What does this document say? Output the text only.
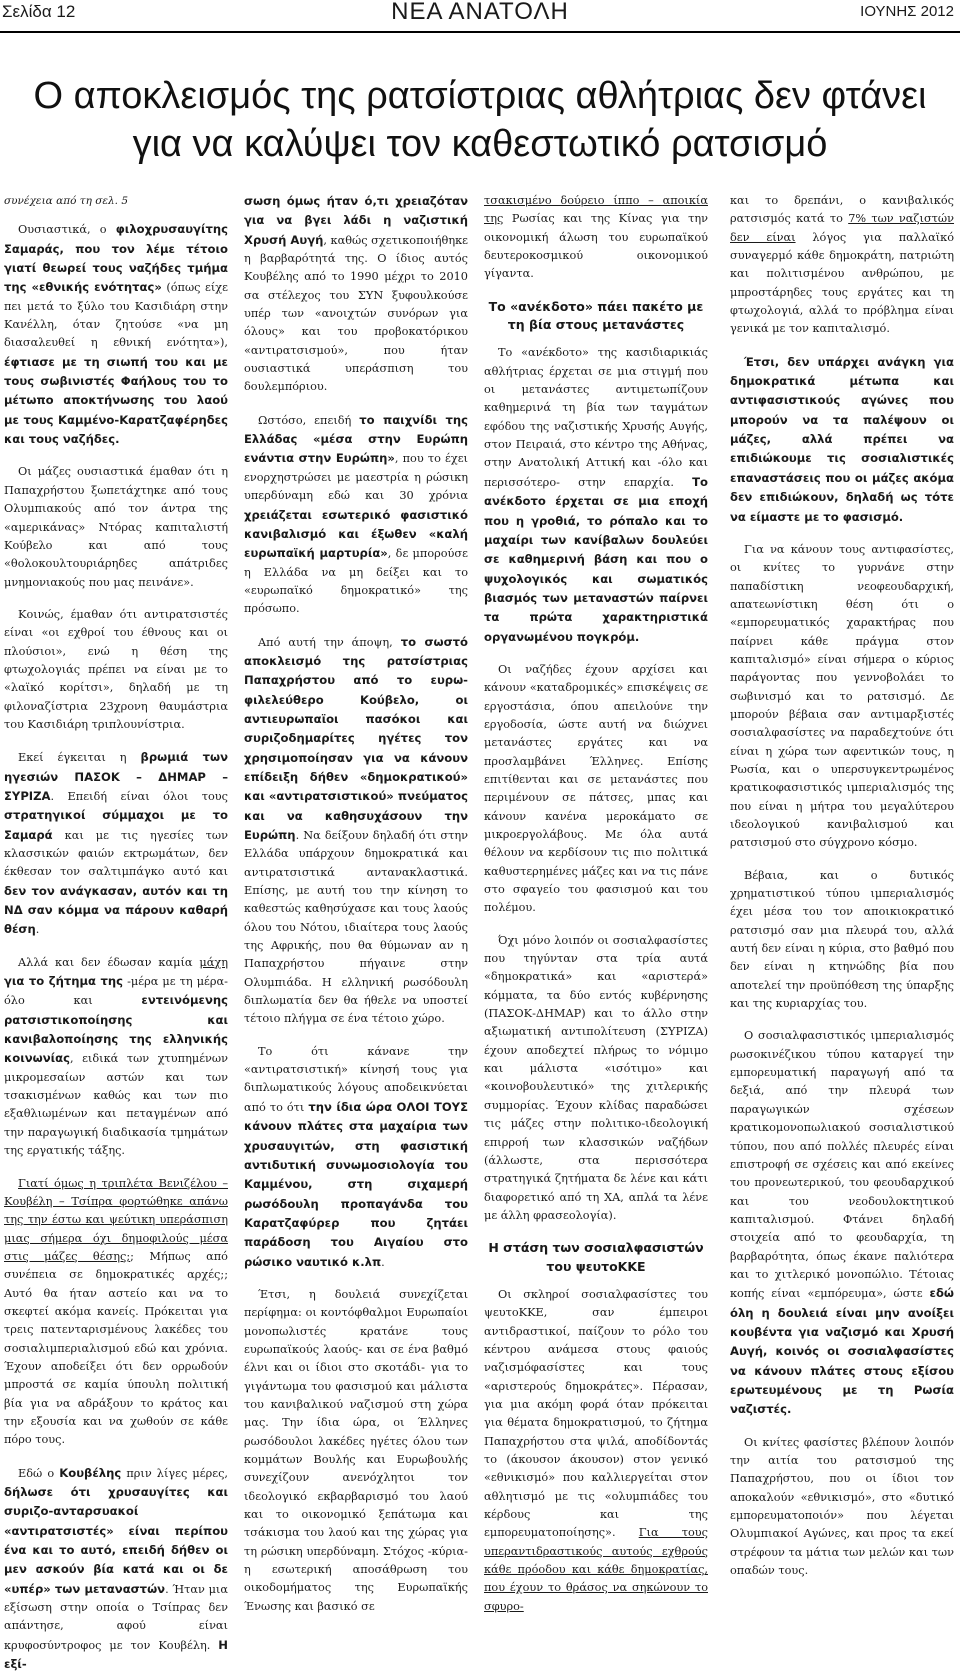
Σελίδα 12	ΝΕΑ ΑΝΑΤΟΛΗ	ΙΟΥΝΗΣ 2012
Ο αποκλεισμός της ρατσίστριας αθλήτριας δεν φτάνει για να καλύψει τον καθεστωτικό ρατσισμό

συνέχεια από τη σελ. 5

Ουσιαστικά, ο φιλοχρυσαυγίτης Σαμαράς, που τον λέμε τέτοιο γιατί θεωρεί τους ναζήδες τμήμα της «εθνικής ενότητας» (όπως είχε πει μετά το ξύλο του Κασιδιάρη στην Κανέλλη, όταν ζητούσε «να μη διασαλευθεί η εθνική ενότητα»), έφτιασε με τη σιωπή του και με τους σωβινιστές Φαήλους του το μέτωπο αποκτήνωσης του λαού με τους Καμμένο-Καρατζαφέρηδες και τους ναζήδες.

Οι μάζες ουσιαστικά έμαθαν ότι η Παπαχρήστου ξωπετάχτηκε από τους Ολυμπιακούς από τον άντρα της «αμερικάνας» Ντόρας καπιταλιστή Κούβελο και από τους «θολοκουλτουριάρηδες απάτριδες μνημονιακούς που μας πεινάνε».

Κοινώς, έμαθαν ότι αντιρατσιστές είναι «οι εχθροί του έθνους και οι πλούσιοι», ενώ η θέση της φτωχολογιάς πρέπει να είναι με το «λαϊκό κορίτσι», δηλαδή με τη φιλοναζίστρια 23χρονη θαυμάστρια του Κασιδιάρη τριπλουνίστρια.

Εκεί έγκειται η βρωμιά των ηγεσιών ΠΑΣΟΚ – ΔΗΜΑΡ – ΣΥΡΙΖΑ. Επειδή είναι όλοι τους στρατηγικοί σύμμαχοι με το Σαμαρά και με τις ηγεσίες των κλασσικών φαιών εκτρωμάτων, δεν έκθεσαν τον σαλτιμπάγκο αυτό και δεν τον ανάγκασαν, αυτόν και τη ΝΔ σαν κόμμα να πάρουν καθαρή θέση.

Αλλά και δεν έδωσαν καμία μάχη για το ζήτημα της -μέρα με τη μέρα- όλο και εντεινόμενης ρατσιστικοποίησης και κανιβαλοποίησης της ελληνικής κοινωνίας, ειδικά των χτυπημένων μικρομεσαίων αστών και των τσακισμένων καθώς και των πιο εξαθλιωμένων και πεταγμένων από την παραγωγική διαδικασία τμημάτων της εργατικής τάξης.

Γιατί όμως η τριπλέτα Βενιζέλου – Κουβέλη – Τσίπρα φορτώθηκε απάνω της την έστω και ψεύτικη υπεράσπιση μιας σήμερα όχι δημοφιλούς μέσα στις μάζες θέσης;; Μήπως από συνέπεια σε δημοκρατικές αρχές;; Αυτό θα ήταν αστείο και να το σκεφτεί ακόμα κανείς. Πρόκειται για τρεις πατενταρισμένους λακέδες του σοσιαλιμπεριαλισμού εδώ και χρόνια. Έχουν αποδείξει ότι δεν ορρωδούν μπροστά σε καμία ύπουλη πολιτική βία για να αδράξουν το κράτος και την εξουσία και να χωθούν σε κάθε πόρο τους.

Εδώ ο Κουβέλης πριν λίγες μέρες, δήλωσε ότι χρυσαυγίτες και συριζο-ανταρσυακοί «αντιρατσιστές» είναι περίπου ένα και το αυτό, επειδή δήθεν οι μεν ασκούν βία κατά και οι δε «υπέρ» των μεταναστών. Ήταν μια εξίσωση στην οποία ο Τσίπρας δεν απάντησε, αφού είναι κρυφοσύντροφος με τον Κουβέλη. Η εξί-

σωση όμως ήταν ό,τι χρειαζόταν για να βγει λάδι η ναζιστική Χρυσή Αυγή, καθώς σχετικοποιήθηκε η βαρβαρότητά της. Ο ίδιος αυτός Κουβέλης από το 1990 μέχρι το 2010 σα στέλεχος του ΣΥΝ ξυφουλκούσε υπέρ των «ανοιχτών συνόρων για όλους» και του προβοκατόρικου «αντιρατσισμού», που ήταν ουσιαστικά υπεράσπιση του δουλεμπόριου.

Ωστόσο, επειδή το παιχνίδι της Ελλάδας «μέσα στην Ευρώπη ενάντια στην Ευρώπη», που το έχει ενορχηστρώσει με μαεστρία η ρώσικη υπερδύναμη εδώ και 30 χρόνια χρειάζεται εσωτερικό φασιστικό κανιβαλισμό και έξωθεν «καλή ευρωπαϊκή μαρτυρία», δε μπορούσε η Ελλάδα να μη δείξει και το «ευρωπαϊκό δημοκρατικό» της πρόσωπο.

Από αυτή την άποψη, το σωστό αποκλεισμό της ρατσίστριας Παπαχρήστου από το ευρω-φιλελεύθερο Κούβελο, οι αντιευρωπαϊοι πασόκοι και συριζοδημαρίτες ηγέτες τον χρησιμοποίησαν για να κάνουν επίδειξη δήθεν «δημοκρατικού» και «αντιρατσιστικού» πνεύματος και να καθησυχάσουν την Ευρώπη. Να δείξουν δηλαδή ότι στην Ελλάδα υπάρχουν δημοκρατικά και αντιρατσιστικά αντανακλαστικά. Επίσης, με αυτή του την κίνηση το καθεστώς καθησύχασε και τους λαούς όλου του Νότου, ιδιαίτερα τους λαούς της Αφρικής, που θα θύμωναν αν η Παπαχρήστου πήγαινε στην Ολυμπιάδα. Η ελληνική ρωσόδουλη διπλωματία δεν θα ήθελε να υποστεί τέτοιο πλήγμα σε ένα τέτοιο χώρο.

Το ότι κάνανε την «αντιρατσιστική» κίνησή τους για διπλωματικούς λόγους αποδεικνύεται από το ότι την ίδια ώρα ΟΛΟΙ ΤΟΥΣ κάνουν πλάτες στα μαχαίρια των χρυσαυγιτών, στη φασιστική αντιδυτική συνωμοσιολογία του Καμμένου, στη σιχαμερή ρωσόδουλη προπαγάνδα του Καρατζαφύρερ που ζητάει παράδοση του Αιγαίου στο ρώσικο ναυτικό κ.λπ.

Έτσι, η δουλειά συνεχίζεται περίφημα: οι κοντόφθαλμοι Ευρωπαίοι μονοπωλιστές κρατάνε τους ευρωπαϊκούς λαούς- και σε ένα βαθμό έλνι και οι ίδιοι στο σκοτάδι- για το γιγάντωμα του φασισμού και μάλιστα του κανιβαλικού ναζισμού στη χώρα μας. Την ίδια ώρα, οι Έλληνες ρωσόδουλοι λακέδες ηγέτες όλου των κομμάτων Βουλής και Ευρωβουλής συνεχίζουν ανενόχλητοι τον ιδεολογικό εκβαρβαρισμό του λαού και το οικονομικό ξεπάτωμα και τσάκισμα του λαού και της χώρας για τη ρώσικη υπερδύναμη. Στόχος -κύρια- η εσωτερική αποσάθρωση του οικοδομήματος της Ευρωπαϊκής Ένωσης και βασικό σε

τσακισμένο δούρειο ίππο – αποικία της Ρωσίας και της Κίνας για την οικονομική άλωση του ευρωπαϊκού δευτεροκοσμικού οικονομικού γίγαντα.

Το «ανέκδοτο» πάει πακέτο με τη βία στους μετανάστες

Το «ανέκδοτο» της κασιδιαρικιάς αθλήτριας έρχεται σε μια στιγμή που οι μετανάστες αντιμετωπίζουν καθημερινά τη βία των ταγμάτων εφόδου της ναζιστικής Χρυσής Αυγής, στον Πειραιά, στο κέντρο της Αθήνας, στην Ανατολική Αττική και -όλο και περισσότερο- στην επαρχία. Το ανέκδοτο έρχεται σε μια εποχή που η γροθιά, το ρόπαλο και το μαχαίρι των κανίβαλων δουλεύει σε καθημερινή βάση και που ο ψυχολογικός και σωματικός βιασμός των μεταναστών παίρνει τα πρώτα χαρακτηριστικά οργανωμένου πογκρόμ.

Οι ναζήδες έχουν αρχίσει και κάνουν «καταδρομικές» επισκέψεις σε εργοστάσια, όπου απειλούνε την εργοδοσία, ώστε αυτή να διώχνει μετανάστες εργάτες και να προσλαμβάνει Έλληνες. Επίσης επιτίθενται και σε μετανάστες που περιμένουν σε πάτσες, μπας και κάνουν κανένα μεροκάματο σε μικροεργολάβους. Με όλα αυτά θέλουν να κερδίσουν τις πιο πολιτικά καθυστερημένες μάζες και να τις πάνε στο σφαγείο του φασισμού και του πολέμου.

Όχι μόνο λοιπόν οι σοσιαλφασίστες που τηγύνταν στα τρία αυτά «δημοκρατικά» και «αριστερά» κόμματα, τα δύο εντός κυβέρνησης (ΠΑΣΟΚ-ΔΗΜΑΡ) και το άλλο στην αξιωματική αντιπολίτευση (ΣΥΡΙΖΑ) έχουν αποδεχτεί πλήρως το νόμιμο και μάλιστα «ισότιμο» και «κοινοβουλευτικό» της χιτλερικής συμμορίας. Έχουν κλίδας παραδώσει τις μάζες στην πολιτικο-ιδεολογική επιρροή των κλασσικών ναζήδων (άλλωστε, στα περισσότερα στρατηγικά ζητήματα δε λένε και κάτι διαφορετικό από τη ΧΑ, απλά τα λένε με άλλη φρασεολογία).

Η στάση των σοσιαλφασιστών του ψευτοΚΚΕ

Οι σκληροί σοσιαλφασίστες του ψευτοΚΚΕ, σαν έμπειροι αντιδραστικοί, παίζουν το ρόλο του κέντρου ανάμεσα στους φαιούς ναζισμόφασίστες και τους «αριστερούς δημοκράτες». Πέρασαν, για μια ακόμη φορά όταν πρόκειται για θέματα δημοκρατισμού, το ζήτημα Παπαχρήστου στα ψιλά, αποδίδοντάς το (άκουσον άκουσον) στον γενικό «εθνικισμό» που καλλιεργείται στον αθλητισμό με τις «ολυμπιάδες του κέρδους και της εμπορευματοποίησης». Για τους υπεραντιδραστικούς αυτούς εχθρούς κάθε πρόοδου και κάθε δημοκρατίας, που έχουν το θράσος να σηκώνουν το σφυρο-

και το δρεπάνι, ο κανιβαλικός ρατσισμός κατά το 7% των ναζιστών δεν είναι λόγος για παλλαϊκό συναγερμό κάθε δημοκράτη, πατριώτη και πολιτισμένου ανθρώπου, με μπροστάρηδες τους εργάτες και τη φτωχολογιά, αλλά το πρόβλημα είναι γενικά με τον καπιταλισμό.

Έτσι, δεν υπάρχει ανάγκη για δημοκρατικά μέτωπα και αντιφασιστικούς αγώνες που μπορούν να τα παλέψουν οι μάζες, αλλά πρέπει να επιδιώκουμε τις σοσιαλιστικές επαναστάσεις που οι μάζες ακόμα δεν επιδιώκουν, δηλαδή ως τότε να είμαστε με το φασισμό.

Για να κάνουν τους αντιφασίστες, οι κνίτες το γυρνάνε στην παπαδίστικη νεοφεουδαρχική, απατεωνίστικη θέση ότι ο «εμπορευματικός χαρακτήρας που παίρνει κάθε πράγμα στον καπιταλισμό» είναι σήμερα ο κύριος παράγοντας που γεννοβολάει το σωβινισμό και το ρατσισμό. Δε μπορούν βέβαια σαν αντιμαρξιστές σοσιαλφασίστες να παραδεχτούνε ότι είναι η χώρα των αφεντικών τους, η Ρωσία, και ο υπερσυγκεντρωμένος κρατικοφασιστικός ιμπεριαλισμός της που είναι η μήτρα του μεγαλύτερου ιδεολογικού κανιβαλισμού και ρατσισμού στο σύγχρονο κόσμο.

Βέβαια, και ο δυτικός χρηματιστικού τύπου ιμπεριαλισμός έχει μέσα του τον αποικιοκρατικό ρατσισμό σαν μια πλευρά του, αλλά αυτή δεν είναι η κύρια, στο βαθμό που δεν είναι η κτηνώδης βία που αποτελεί την προϋπόθεση της ύπαρξης και της κυριαρχίας του.

Ο σοσιαλφασιστικός ιμπεριαλισμός ρωσοκινέζικου τύπου καταργεί την εμπορευματική παραγωγή από τα δεξιά, από την πλευρά των παραγωγικών σχέσεων κρατικομονοπωλιακού σοσιαλιστικού τύπου, που από πολλές πλευρές είναι επιστροφή σε σχέσεις και από εκείνες του προνεωτερικού, του φεουδαρχικού και του νεοδουλοκτητικού καπιταλισμού. Φτάνει δηλαδή στοιχεία από το φεουδαρχία, τη βαρβαρότητα, όπως έκανε παλιότερα και το χιτλερικό μονοπώλιο. Τέτοιας κοπής είναι «εμπόρευμα», ώστε εδώ όλη η δουλειά είναι μην ανοίξει κουβέντα για ναζισμό και Χρυσή Αυγή, κοινός οι σοσιαλφασίστες να κάνουν πλάτες στους εξίσου ερωτευμένους με τη Ρωσία ναζιστές.

Οι κνίτες φασίστες βλέπουν λοιπόν την αιτία του ρατσισμού της Παπαχρήστου, που οι ίδιοι τον αποκαλούν «εθνικισμό», στο «δυτικό εμπορευματοποιόν» που λέγεται Ολυμπιακοί Αγώνες, και προς τα εκεί στρέφουν τα μάτια των μελών και των οπαδών τους.
